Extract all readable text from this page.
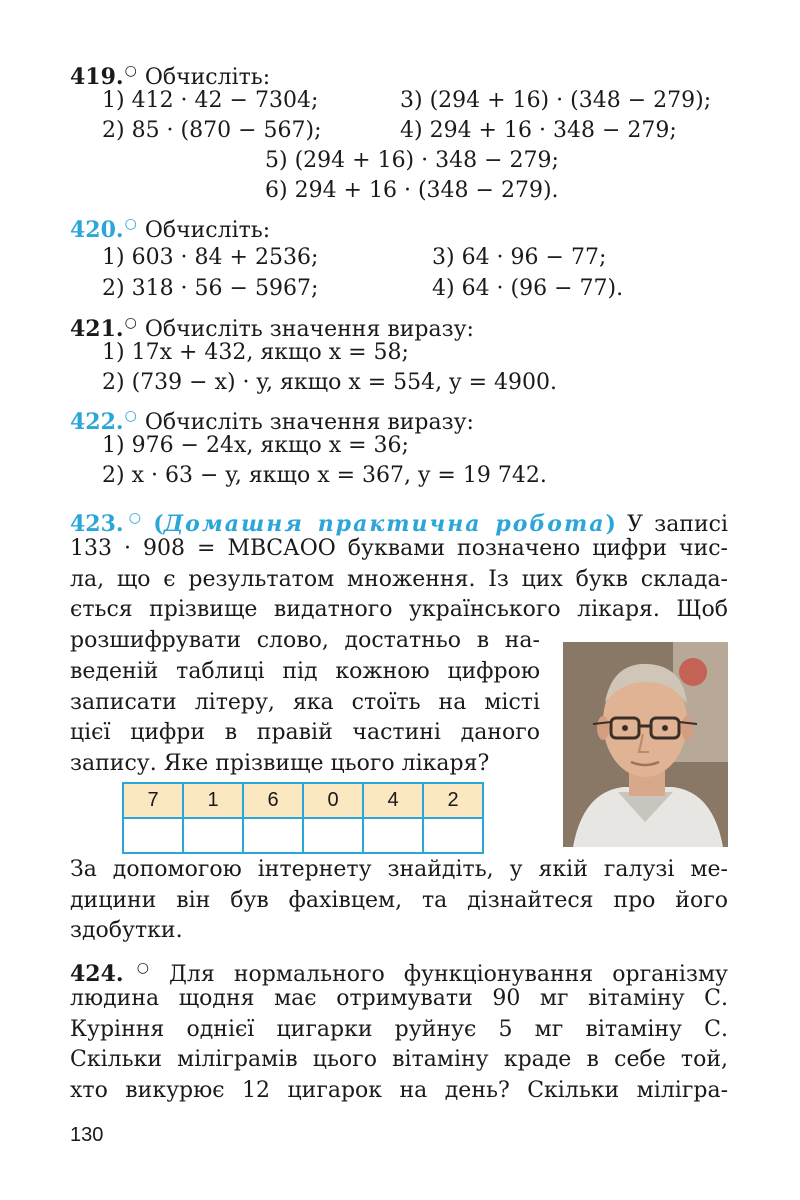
419.○ Обчисліть:
1) 412 · 42 − 7304;
2) 85 · (870 − 567);
3) (294 + 16) · (348 − 279);
4) 294 + 16 · 348 − 279;
5) (294 + 16) · 348 − 279;
6) 294 + 16 · (348 − 279).
420.○ Обчисліть:
1) 603 · 84 + 2536;
2) 318 · 56 − 5967;
3) 64 · 96 − 77;
4) 64 · (96 − 77).
421.○ Обчисліть значення виразу:
1) 17x + 432, якщо x = 58;
2) (739 − x) · y, якщо x = 554, y = 4900.
422.○ Обчисліть значення виразу:
1) 976 − 24x, якщо x = 36;
2) x · 63 − y, якщо x = 367, y = 19 742.
423.○ (Домашня практична робота) У записі
133 · 908 = МВСАОО буквами позначено цифри чис-
ла, що є результатом множення. Із цих букв склада-
ється прізвище видатного українського лікаря. Щоб
розшифрувати слово, достатньо в на-
веденій таблиці під кожною цифрою
записати літеру, яка стоїть на місті
цієї цифри в правій частині даного
запису. Яке прізвище цього лікаря?
7	1	6	0	4	2

За допомогою інтернету знайдіть, у якій галузі ме-
дицини він був фахівцем, та дізнайтеся про його
здобутки.
424.○ Для нормального функціонування організму
людина щодня має отримувати 90 мг вітаміну С.
Куріння однієї цигарки руйнує 5 мг вітаміну С.
Скільки міліграмів цього вітаміну краде в себе той,
хто викурює 12 цигарок на день? Скільки мілігра-
130
